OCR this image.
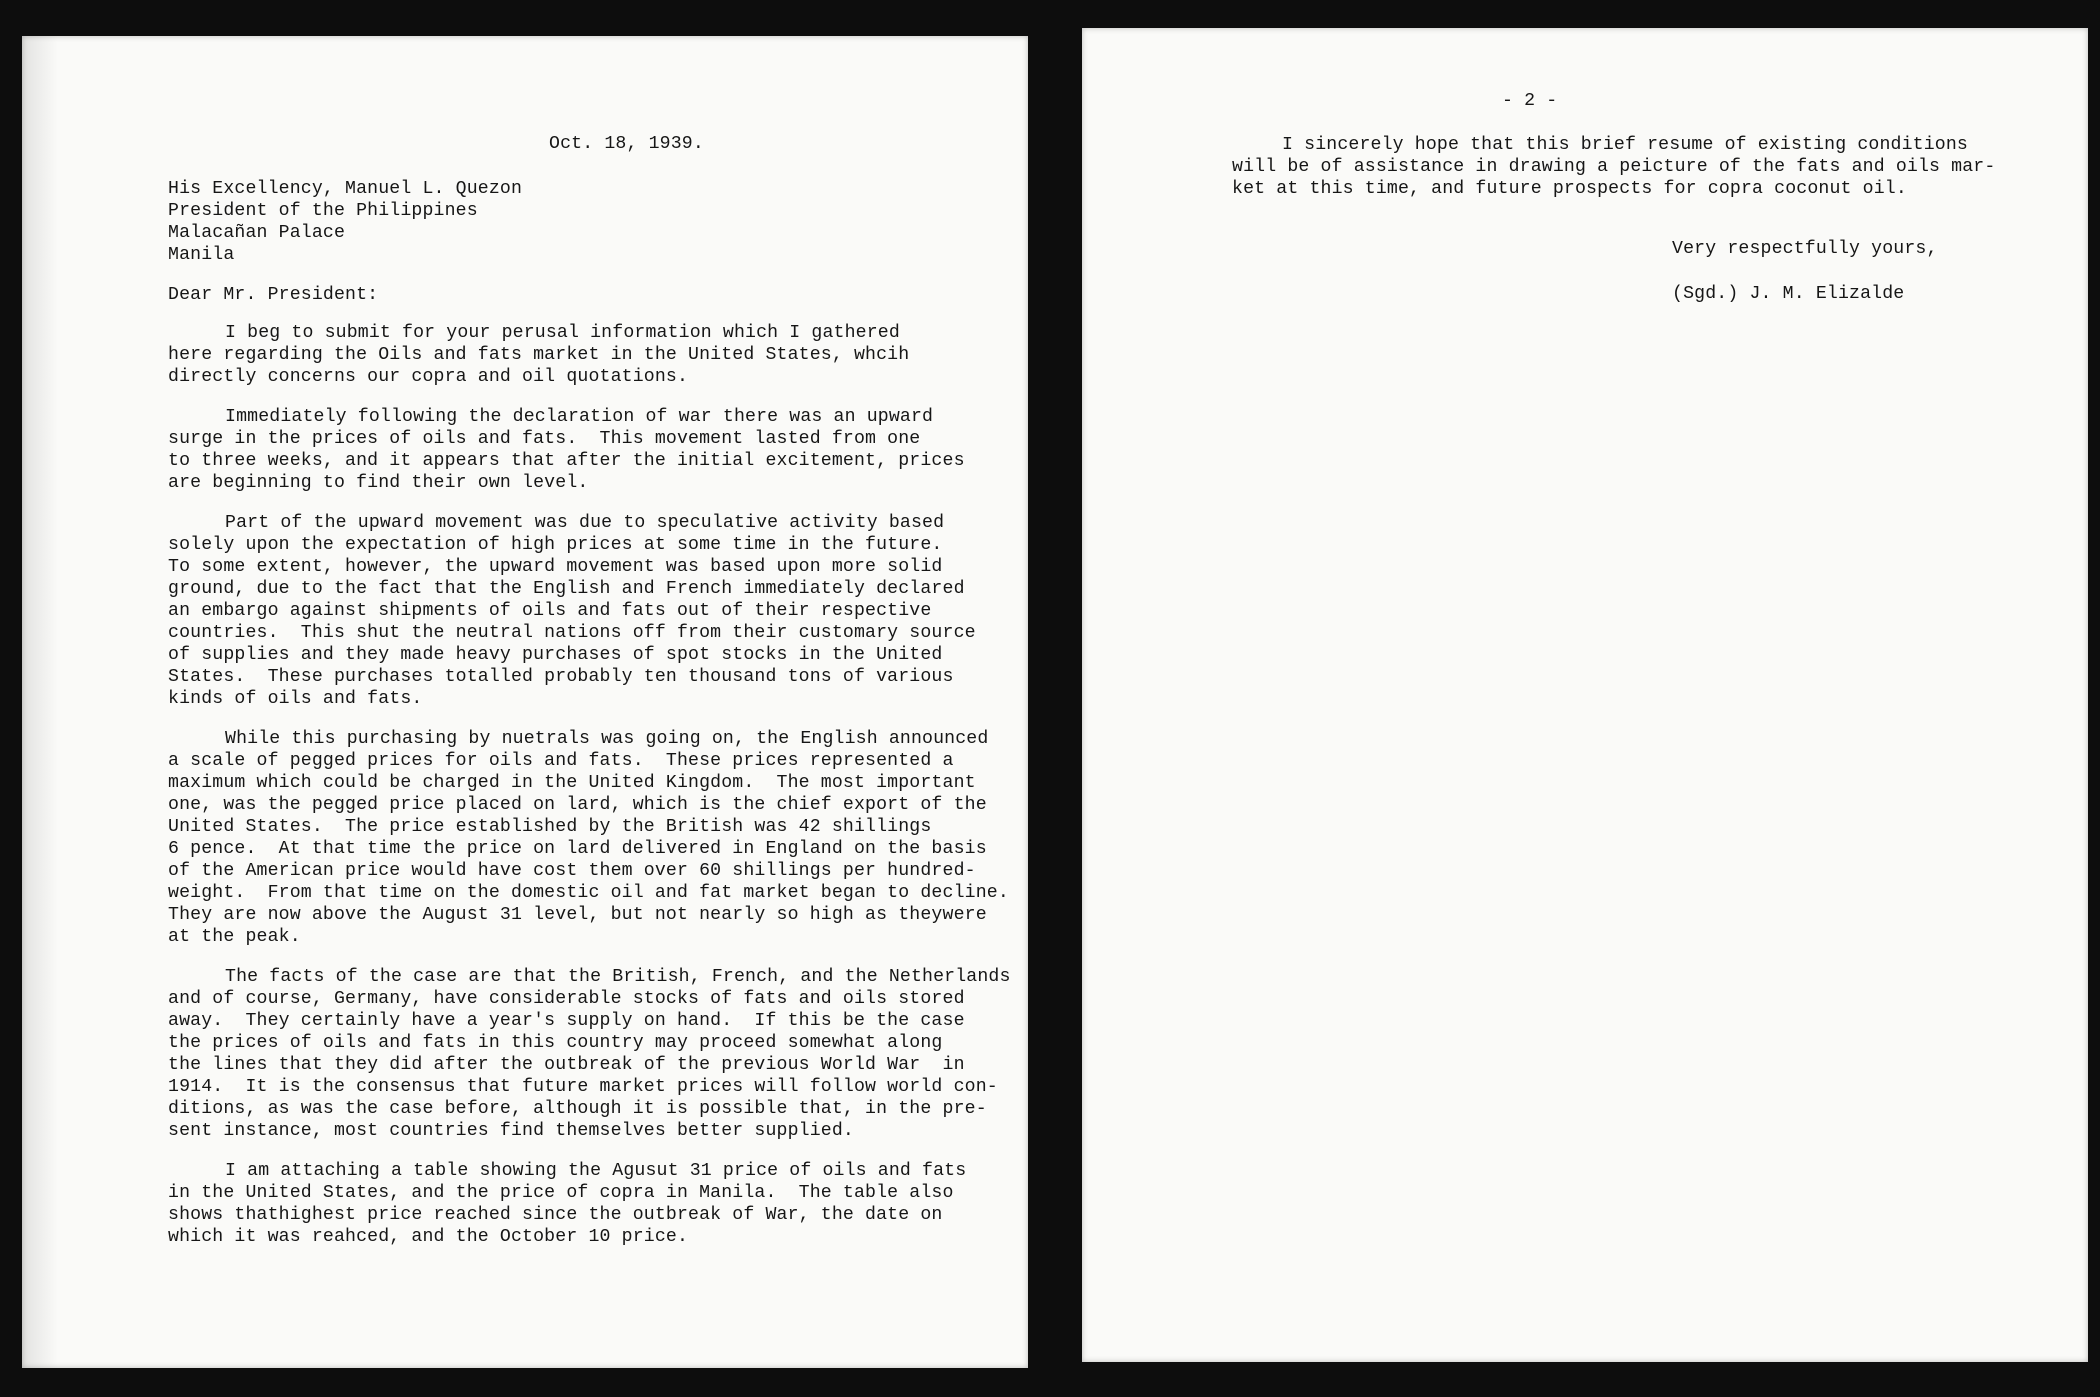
Oct. 18, 1939.
His Excellency, Manuel L. Quezon
President of the Philippines
Malacañan Palace
Manila
Dear Mr. President:
I beg to submit for your perusal information which I gathered
here regarding the Oils and fats market in the United States, whcih
directly concerns our copra and oil quotations.
Immediately following the declaration of war there was an upward
surge in the prices of oils and fats.  This movement lasted from one
to three weeks, and it appears that after the initial excitement, prices
are beginning to find their own level.
Part of the upward movement was due to speculative activity based
solely upon the expectation of high prices at some time in the future.
To some extent, however, the upward movement was based upon more solid
ground, due to the fact that the English and French immediately declared
an embargo against shipments of oils and fats out of their respective
countries.  This shut the neutral nations off from their customary source
of supplies and they made heavy purchases of spot stocks in the United
States.  These purchases totalled probably ten thousand tons of various
kinds of oils and fats.
While this purchasing by nuetrals was going on, the English announced
a scale of pegged prices for oils and fats.  These prices represented a
maximum which could be charged in the United Kingdom.  The most important
one, was the pegged price placed on lard, which is the chief export of the
United States.  The price established by the British was 42 shillings
6 pence.  At that time the price on lard delivered in England on the basis
of the American price would have cost them over 60 shillings per hundred-
weight.  From that time on the domestic oil and fat market began to decline.
They are now above the August 31 level, but not nearly so high as theywere
at the peak.
The facts of the case are that the British, French, and the Netherlands
and of course, Germany, have considerable stocks of fats and oils stored
away.  They certainly have a year's supply on hand.  If this be the case
the prices of oils and fats in this country may proceed somewhat along
the lines that they did after the outbreak of the previous World War  in
1914.  It is the consensus that future market prices will follow world con-
ditions, as was the case before, although it is possible that, in the pre-
sent instance, most countries find themselves better supplied.
I am attaching a table showing the Agusut 31 price of oils and fats
in the United States, and the price of copra in Manila.  The table also
shows thathighest price reached since the outbreak of War, the date on
which it was reahced, and the October 10 price.
- 2 -
I sincerely hope that this brief resume of existing conditions
will be of assistance in drawing a peicture of the fats and oils mar-
ket at this time, and future prospects for copra coconut oil.
Very respectfully yours,
(Sgd.) J. M. Elizalde
